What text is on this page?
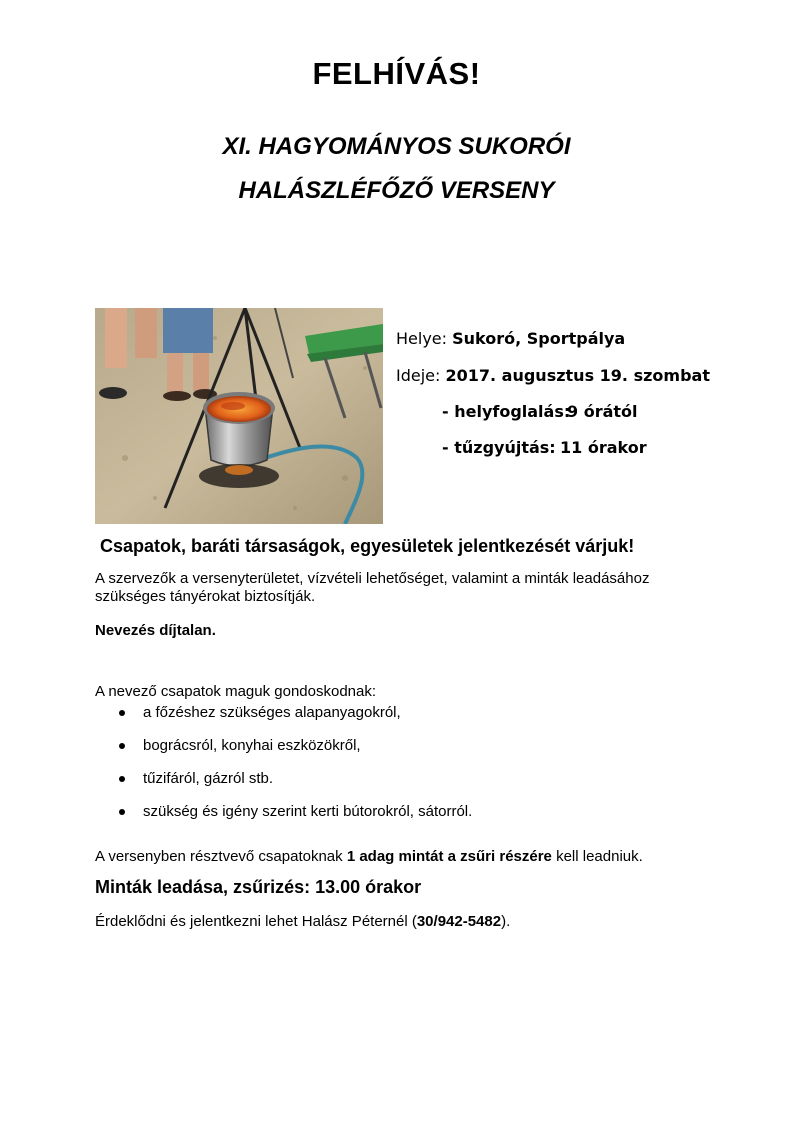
FELHÍVÁS!
XI. HAGYOMÁNYOS SUKORÓI
HALÁSZLÉFŐZŐ VERSENY
Helye: Sukoró, Sportpálya
Ideje: 2017. augusztus 19. szombat
- helyfoglalás:
9 órától
- tűzgyújtás: 11 órakor
Csapatok, baráti társaságok, egyesületek jelentkezését várjuk!
A szervezők a versenyterületet, vízvételi lehetőséget, valamint a minták leadásához szükséges tányérokat biztosítják.
Nevezés díjtalan.
A nevező csapatok maguk gondoskodnak:
a főzéshez szükséges alapanyagokról,
bográcsról, konyhai eszközökről,
tűzifáról, gázról stb.
szükség és igény szerint kerti bútorokról, sátorról.
A versenyben résztvevő csapatoknak 1 adag mintát a zsűri részére kell leadniuk.
Minták leadása, zsűrizés: 13.00 órakor
Érdeklődni és jelentkezni lehet Halász Péternél (30/942-5482).
